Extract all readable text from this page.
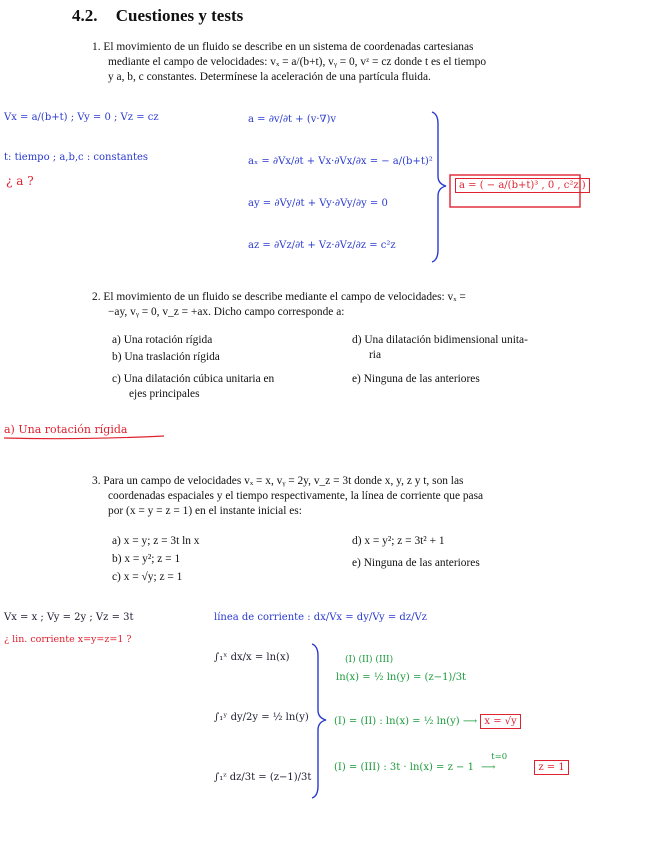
4.2. Cuestiones y tests
1. El movimiento de un fluido se describe en un sistema de coordenadas cartesianas
mediante el campo de velocidades: vₓ = a/(b+t), vᵧ = 0, vᶻ = cz donde t es el tiempo
y a, b, c constantes. Determínese la aceleración de una partícula fluida.
Vx = a/(b+t) ; Vy = 0 ; Vz = cz
t: tiempo ; a,b,c : constantes
¿ a ?
a = ∂v/∂t + (v·∇)v
aₓ = ∂Vx/∂t + Vx·∂Vx/∂x = − a/(b+t)²
ay = ∂Vy/∂t + Vy·∂Vy/∂y = 0
az = ∂Vz/∂t + Vz·∂Vz/∂z = c²z
a = ( − a/(b+t)³ , 0 , c²z )
2. El movimiento de un fluido se describe mediante el campo de velocidades: vₓ =
−ay, vᵧ = 0, v_z = +ax. Dicho campo corresponde a:
a) Una rotación rígida
b) Una traslación rígida
c) Una dilatación cúbica unitaria en
ejes principales
d) Una dilatación bidimensional unita-
ria
e) Ninguna de las anteriores
a) Una rotación rígida
3. Para un campo de velocidades vₓ = x, vᵧ = 2y, v_z = 3t donde x, y, z y t, son las
coordenadas espaciales y el tiempo respectivamente, la línea de corriente que pasa
por (x = y = z = 1) en el instante inicial es:
a) x = y; z = 3t ln x
b) x = y²; z = 1
c) x = √y; z = 1
d) x = y²; z = 3t² + 1
e) Ninguna de las anteriores
Vx = x ; Vy = 2y ; Vz = 3t
¿ lin. corriente x=y=z=1 ?
línea de corriente : dx/Vx = dy/Vy = dz/Vz
∫₁ˣ dx/x = ln(x)
∫₁ʸ dy/2y = ½ ln(y)
∫₁ᶻ dz/3t = (z−1)/3t
(I) (II) (III)
ln(x) = ½ ln(y) = (z−1)/3t
(I) = (II) : ln(x) = ½ ln(y) ⟶ x = √y
(I) = (III) : 3t · ln(x) = z − 1
t=0
⟶	z = 1
